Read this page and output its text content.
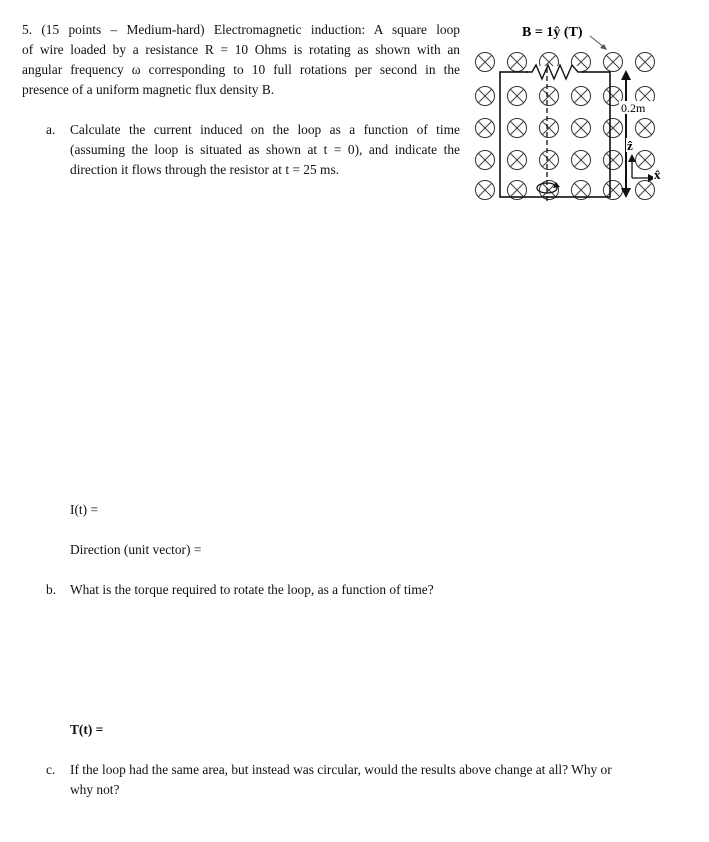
5. (15 points – Medium-hard) Electromagnetic induction: A square loop
of wire loaded by a resistance R = 10 Ohms is rotating as shown with an
angular frequency ω corresponding to 10 full rotations per second in the
presence of a uniform magnetic flux density B.
a. Calculate the current induced on the loop as a function of time
(assuming the loop is situated as shown at t = 0), and indicate the
direction it flows through the resistor at t = 25 ms.
I(t) =
Direction (unit vector) =
b. What is the torque required to rotate the loop, as a function of time?
T(t) =
c. If the loop had the same area, but instead was circular, would the results above change at all? Why or
why not?
0.2m
B = 1ŷ (T)
ẑ
x̂
